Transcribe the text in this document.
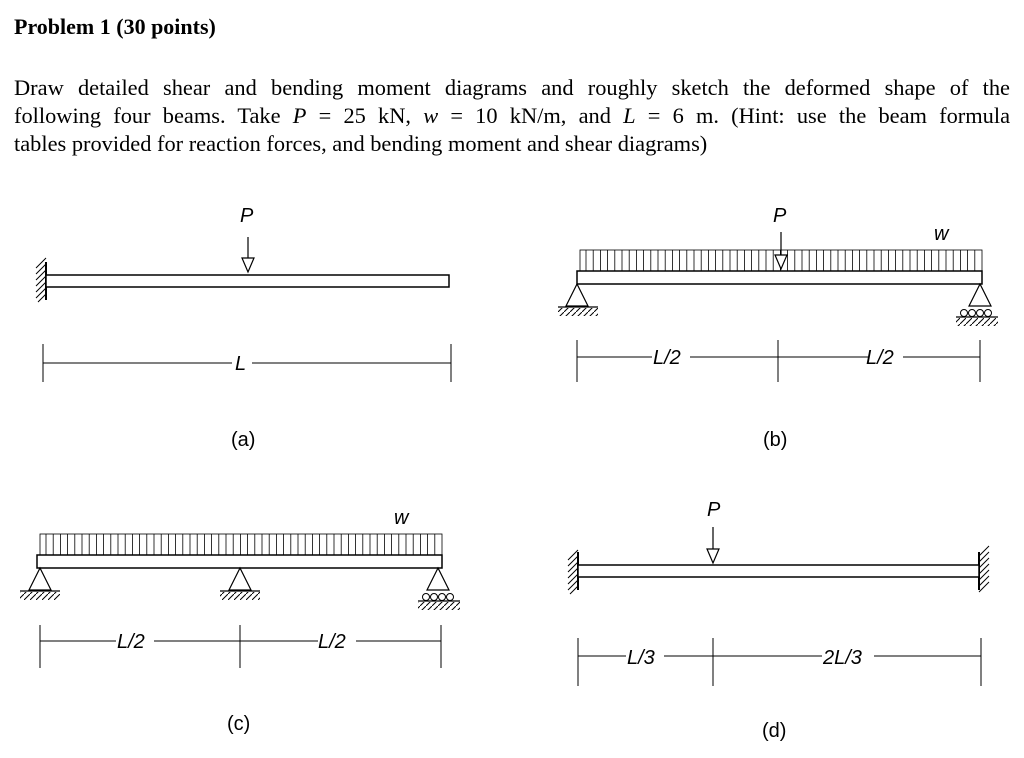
Problem 1 (30 points)
Draw detailed shear and bending moment diagrams and roughly sketch the deformed shape of the
following four beams. Take P = 25 kN, w = 10 kN/m, and L = 6 m. (Hint: use the beam formula
tables provided for reaction forces, and bending moment and shear diagrams)
P
L
(a)
P
w
L/2	L/2
(b)
w
L/2	L/2
(c)
P
L/3	2L/3
(d)
